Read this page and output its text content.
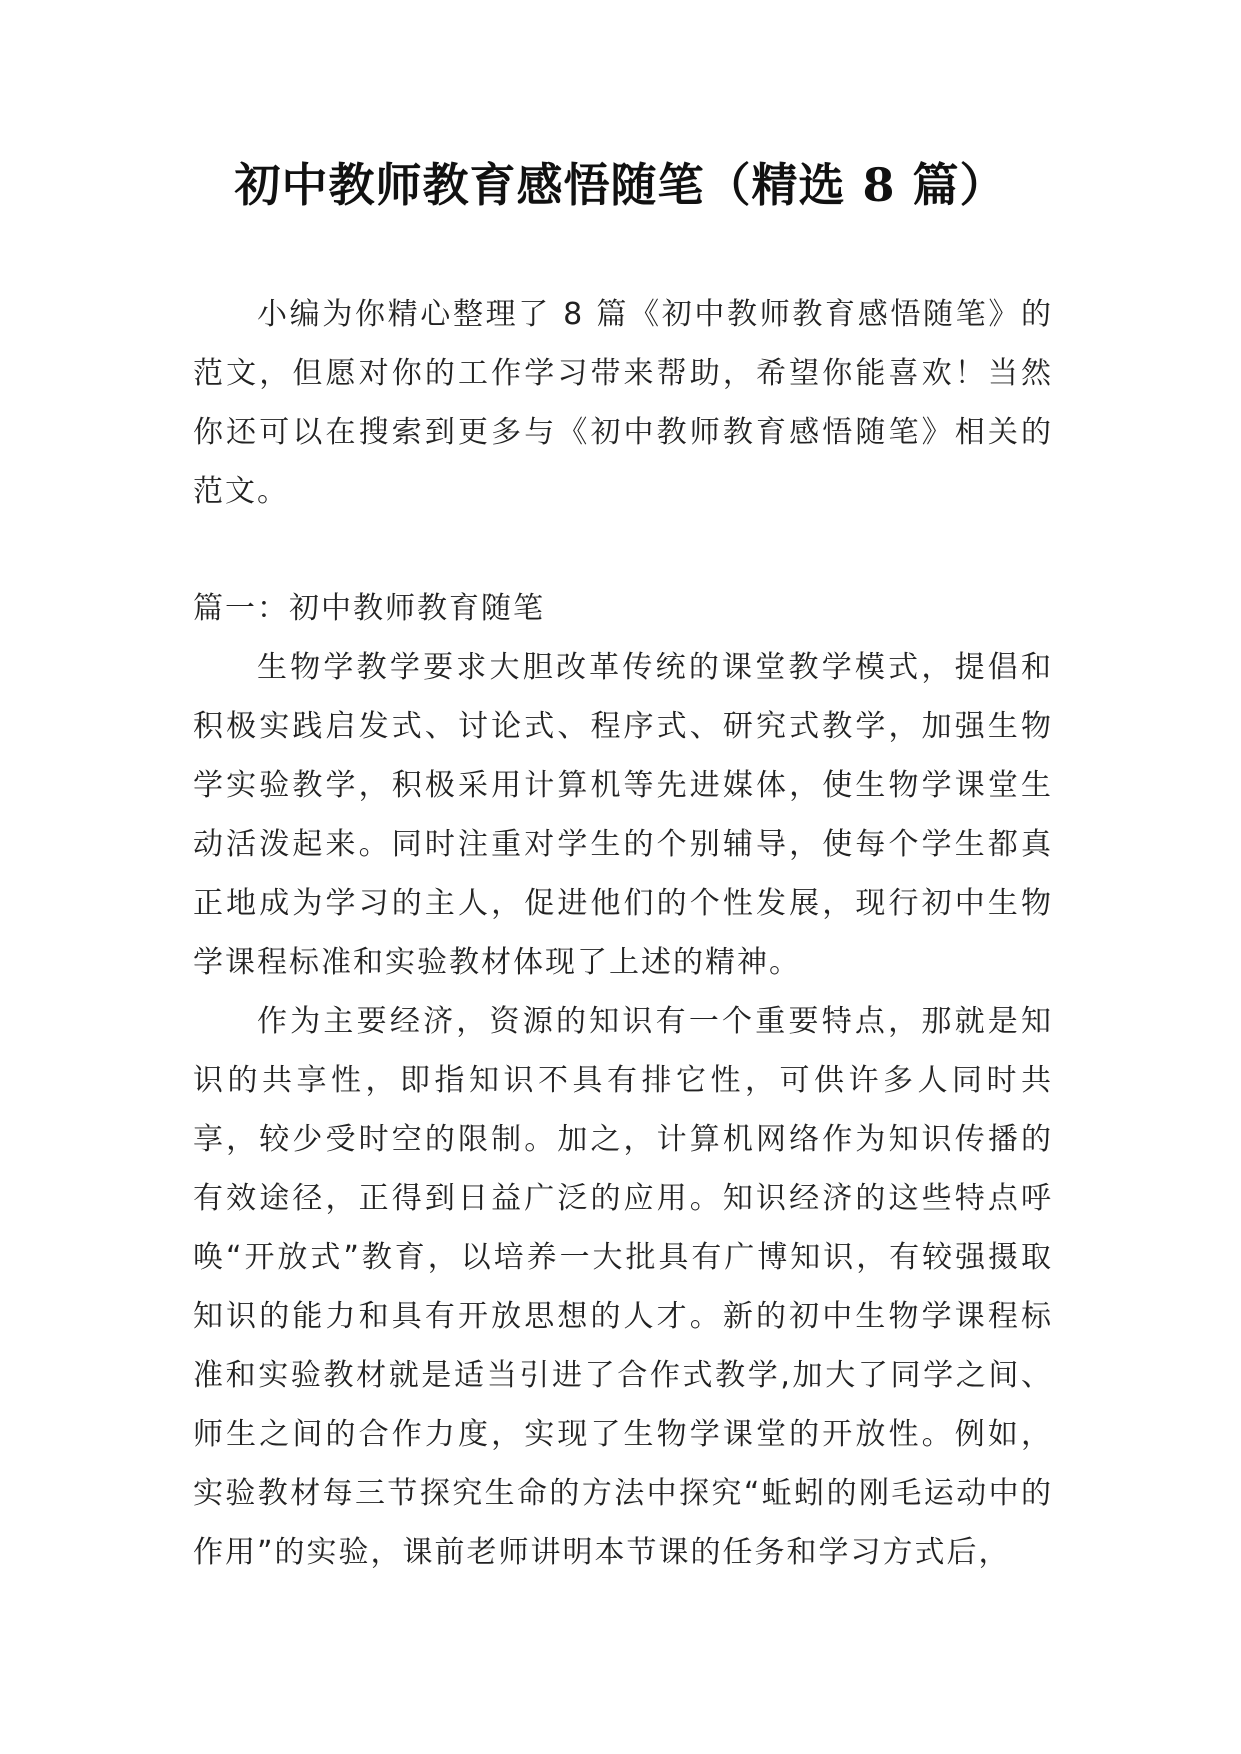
初中教师教育感悟随笔（精选 8 篇）

小编为你精心整理了 8 篇《初中教师教育感悟随笔》的范文，但愿对你的工作学习带来帮助，希望你能喜欢！当然你还可以在搜索到更多与《初中教师教育感悟随笔》相关的范文。

篇一：初中教师教育随笔

生物学教学要求大胆改革传统的课堂教学模式，提倡和积极实践启发式、讨论式、程序式、研究式教学，加强生物学实验教学，积极采用计算机等先进媒体，使生物学课堂生动活泼起来。同时注重对学生的个别辅导，使每个学生都真正地成为学习的主人，促进他们的个性发展，现行初中生物学课程标准和实验教材体现了上述的精神。

作为主要经济，资源的知识有一个重要特点，那就是知识的共享性，即指知识不具有排它性，可供许多人同时共享，较少受时空的限制。加之，计算机网络作为知识传播的有效途径，正得到日益广泛的应用。知识经济的这些特点呼唤“开放式”教育，以培养一大批具有广博知识，有较强摄取知识的能力和具有开放思想的人才。新的初中生物学课程标准和实验教材就是适当引进了合作式教学,加大了同学之间、师生之间的合作力度，实现了生物学课堂的开放性。例如，实验教材每三节探究生命的方法中探究“蚯蚓的刚毛运动中的作用”的实验，课前老师讲明本节课的任务和学习方式后，
